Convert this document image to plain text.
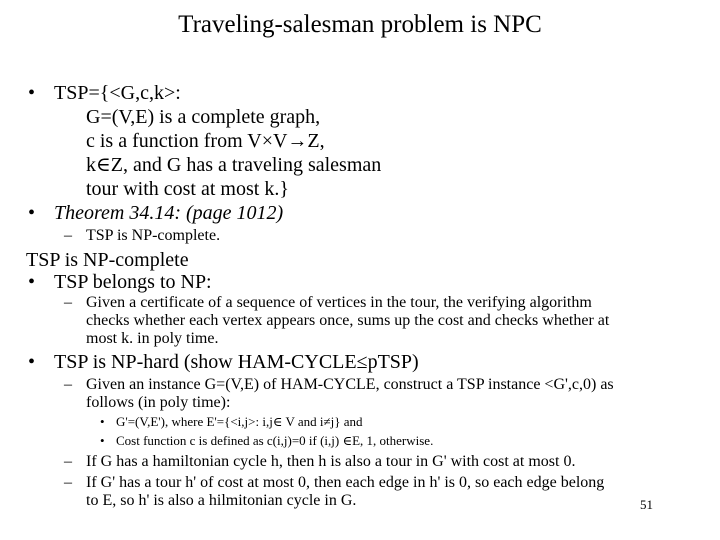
Traveling-salesman problem is NPC
• TSP={<G,c,k>:
G=(V,E) is a complete graph,
c is a function from V×V→Z,
k∈Z, and G has a traveling salesman
tour with cost at most k.}
• Theorem 34.14: (page 1012)
– TSP is NP-complete.
TSP is NP-complete
• TSP belongs to NP:
– Given a certificate of a sequence of vertices in the tour, the verifying algorithm
checks whether each vertex appears once, sums up the cost and checks whether at
most k. in poly time.
• TSP is NP-hard (show HAM-CYCLE≤pTSP)
– Given an instance G=(V,E) of HAM-CYCLE, construct a TSP instance <G',c,0) as
follows (in poly time):
• G'=(V,E'), where E'={<i,j>: i,j∈ V and i≠j} and
• Cost function c is defined as c(i,j)=0 if (i,j) ∈E, 1, otherwise.
– If G has a hamiltonian cycle h, then h is also a tour in G' with cost at most 0.
– If G' has a tour h' of cost at most 0, then each edge in h' is 0, so each edge belong
to E, so h' is also a hilmitonian cycle in G.	51
